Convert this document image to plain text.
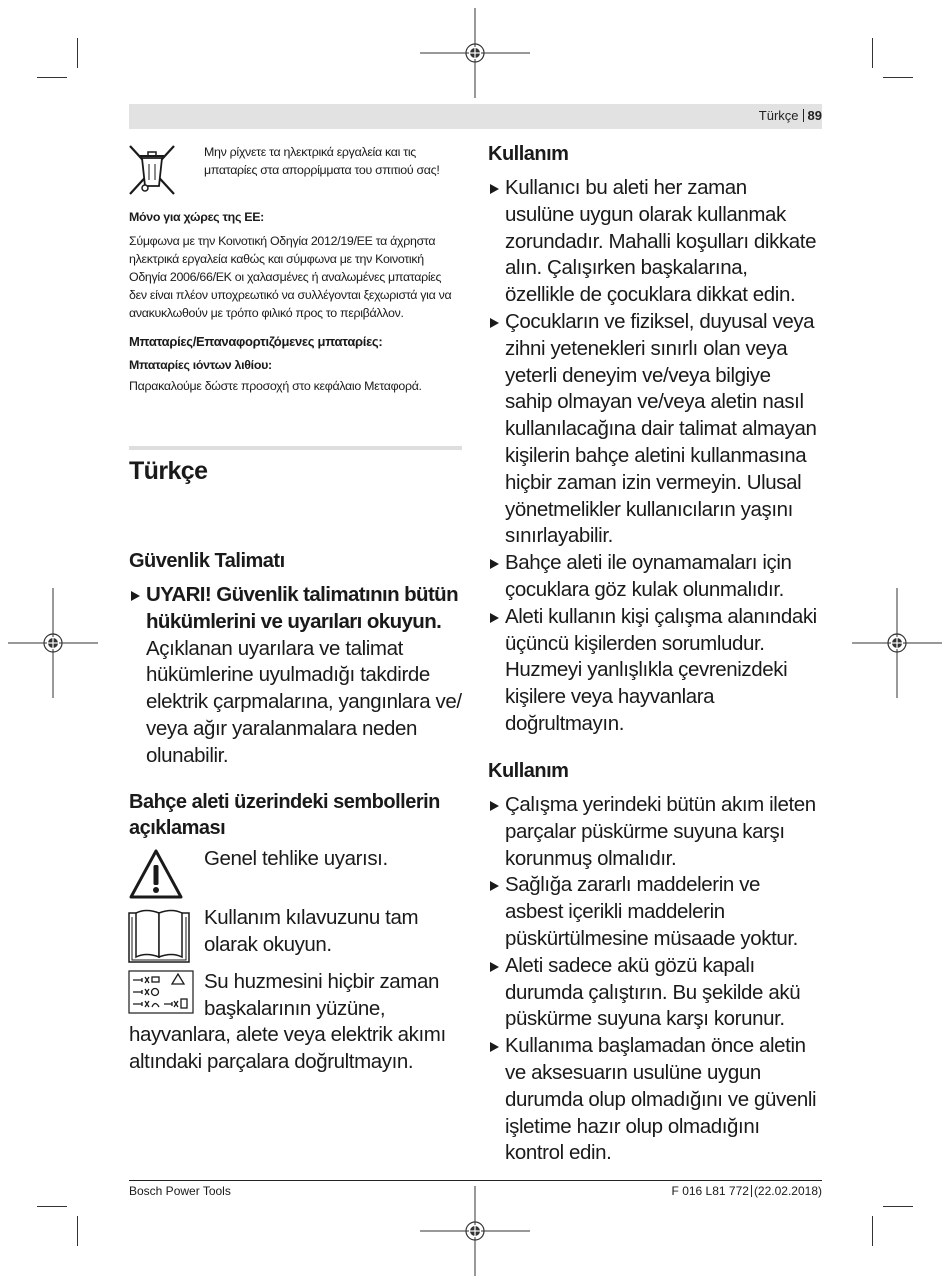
Türkçe 89
Μην ρίχνετε τα ηλεκτρικά εργαλεία και τις μπαταρίες στα απορρίμματα του σπιτιού σας!
Μόνο για χώρες της ΕΕ:
Σύμφωνα με την Κοινοτική Οδηγία 2012/19/ΕΕ τα άχρηστα ηλεκτρικά εργαλεία καθώς και σύμφωνα με την Κοινοτική Οδηγία 2006/66/ΕΚ οι χαλασμένες ή αναλωμένες μπαταρίες δεν είναι πλέον υποχρεωτικό να συλλέγονται ξεχωριστά για να ανακυκλωθούν με τρόπο φιλικό προς το περιβάλλον.
Μπαταρίες/Επαναφορτιζόμενες μπαταρίες:
Μπαταρίες ιόντων λιθίου:
Παρακαλούμε δώστε προσοχή στο κεφάλαιο Μεταφορά.
Türkçe
Güvenlik Talimatı
UYARI! Güvenlik talimatının bütün hükümlerini ve uyarıları okuyun.
Açıklanan uyarılara ve talimat hükümlerine uyulmadığı takdirde elektrik çarpmalarına, yangınlara ve/ veya ağır yaralanmalara neden olunabilir.
Bahçe aleti üzerindeki sembollerin açıklaması
Genel tehlike uyarısı.
Kullanım kılavuzunu tam olarak okuyun.
Su huzmesini hiçbir zaman
başkalarının yüzüne,
hayvanlara, alete veya elektrik akımı altındaki parçalara doğrultmayın.
Kullanım
Kullanıcı bu aleti her zaman usulüne uygun olarak kullanmak zorundadır. Mahalli koşulları dikkate alın. Çalışırken başkalarına, özellikle de çocuklara dikkat edin.
Çocukların ve fiziksel, duyusal veya zihni yetenekleri sınırlı olan veya yeterli deneyim ve/veya bilgiye sahip olmayan ve/veya aletin nasıl kullanılacağına dair talimat almayan kişilerin bahçe aletini kullanmasına hiçbir zaman izin vermeyin. Ulusal yönetmelikler kullanıcıların yaşını sınırlayabilir.
Bahçe aleti ile oynamamaları için çocuklara göz kulak olunmalıdır.
Aleti kullanın kişi çalışma alanındaki üçüncü kişilerden sorumludur. Huzmeyi yanlışlıkla çevrenizdeki kişilere veya hayvanlara doğrultmayın.
Kullanım
Çalışma yerindeki bütün akım ileten parçalar püskürme suyuna karşı korunmuş olmalıdır.
Sağlığa zararlı maddelerin ve asbest içerikli maddelerin püskürtülmesine müsaade yoktur.
Aleti sadece akü gözü kapalı durumda çalıştırın. Bu şekilde akü püskürme suyuna karşı korunur.
Kullanıma başlamadan önce aletin ve aksesuarın usulüne uygun durumda olup olmadığını ve güvenli işletime hazır olup olmadığını kontrol edin.
Bosch Power Tools	F 016 L81 772 (22.02.2018)
